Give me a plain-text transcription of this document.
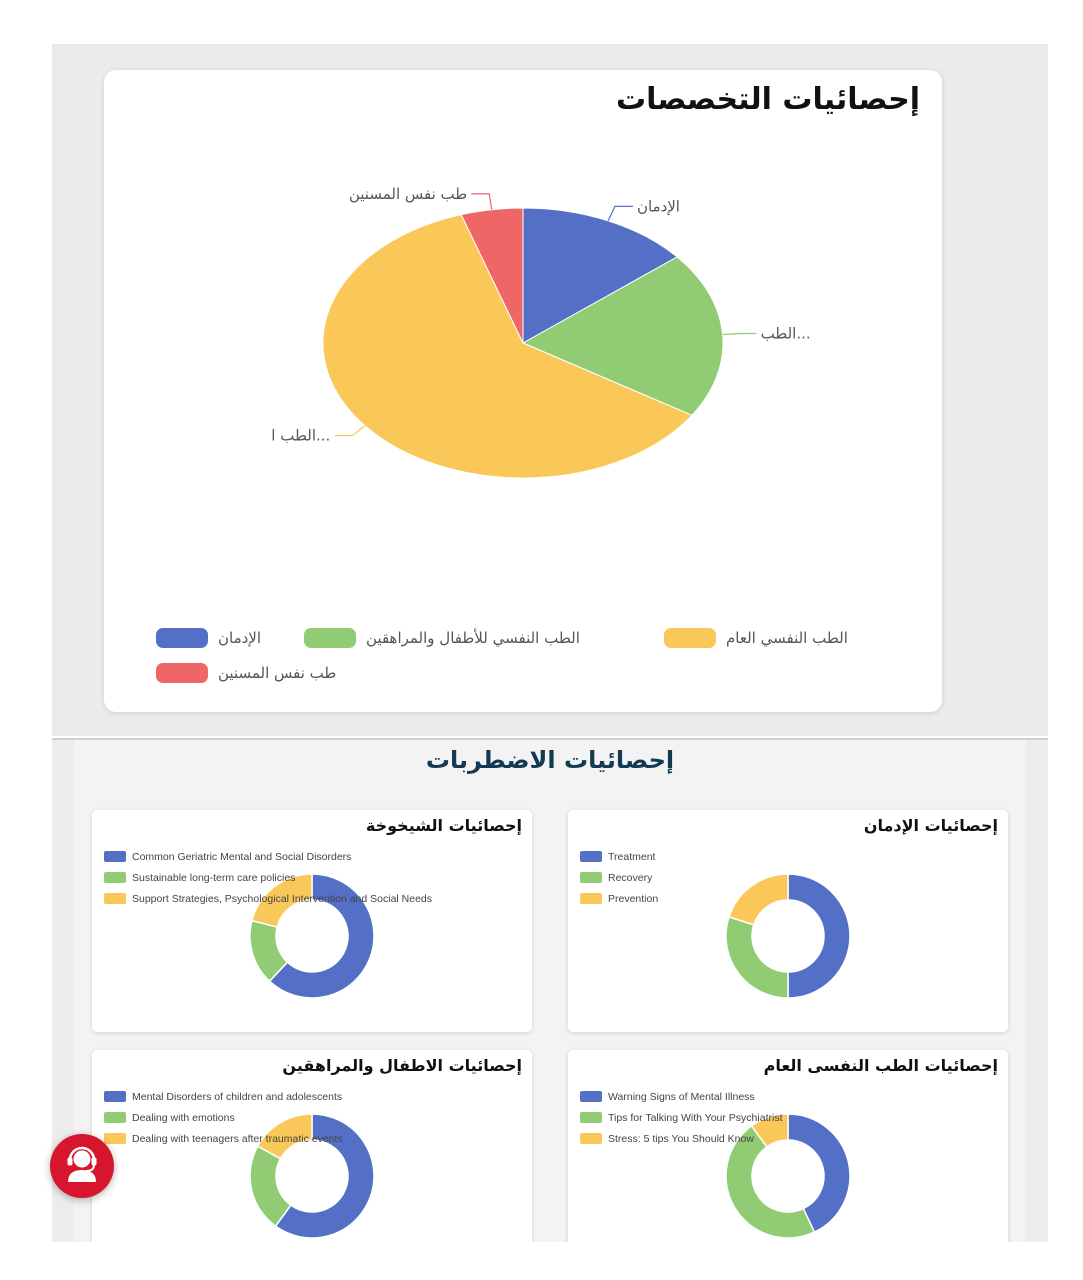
إحصائيات التخصصات
الإدمان
الطب...
الطب ا...
طب نفس المسنين
الإدمان	الطب النفسي للأطفال والمراهقين	الطب النفسي العام
طب نفس المسنين
إحصائيات الاضطربات
إحصائيات الشيخوخة
Common Geriatric Mental and Social Disorders
Sustainable long-term care policies
Support Strategies, Psychological Intervention and Social Needs
إحصائيات الإدمان
Treatment
Recovery
Prevention
إحصائيات الاطفال والمراهقين
Mental Disorders of children and adolescents
Dealing with emotions
Dealing with teenagers after traumatic events
إحصائيات الطب النفسى العام
Warning Signs of Mental Illness
Tips for Talking With Your Psychiatrist
Stress: 5 tips You Should Know
